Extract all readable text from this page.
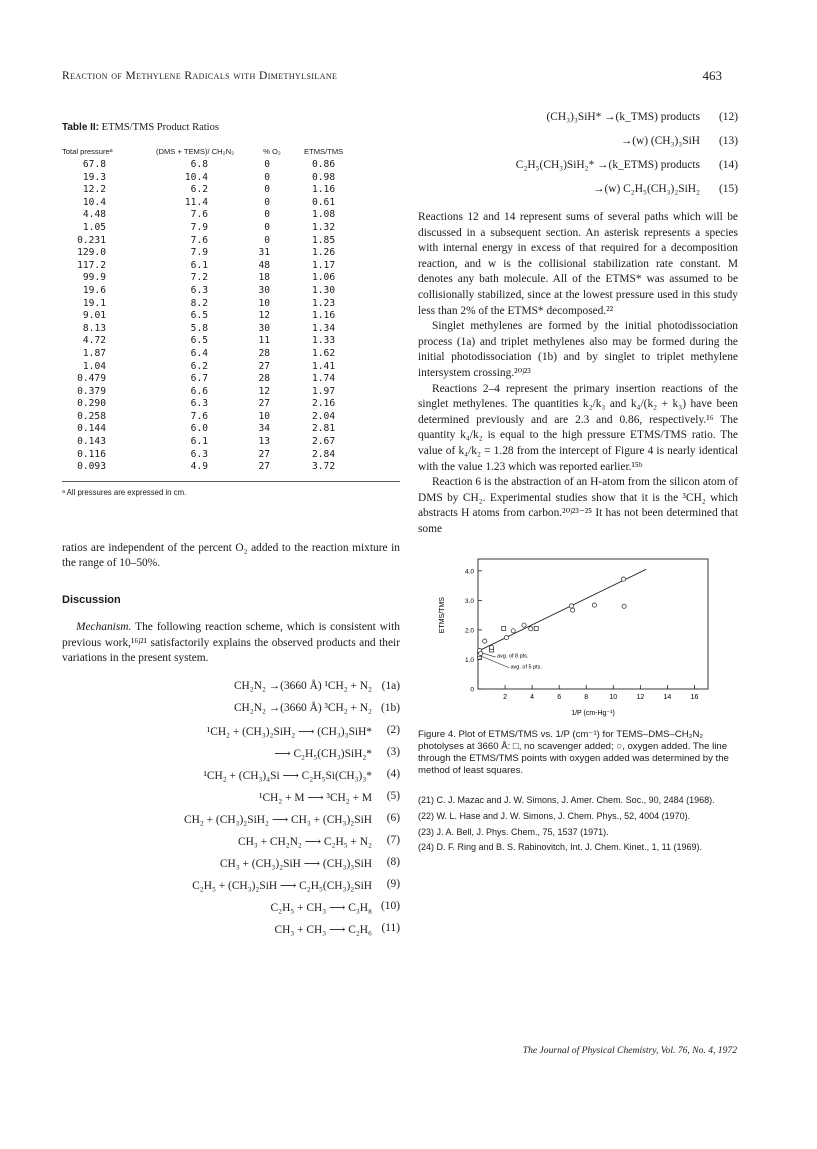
Reaction of Methylene Radicals with Dimethylsilane	463
Table II: ETMS/TMS Product Ratios
Total pressureᵃ	(DMS + TEMS)/ CH₂N₂	% O₂	ETMS/TMS
67.8	6.8	0	0.86
19.3	10.4	0	0.98
12.2	6.2	0	1.16
10.4	11.4	0	0.61
4.48	7.6	0	1.08
1.05	7.9	0	1.32
0.231	7.6	0	1.85
129.0	7.9	31	1.26
117.2	6.1	48	1.17
99.9	7.2	18	1.06
19.6	6.3	30	1.30
19.1	8.2	10	1.23
9.01	6.5	12	1.16
8.13	5.8	30	1.34
4.72	6.5	11	1.33
1.87	6.4	28	1.62
1.04	6.2	27	1.41
0.479	6.7	28	1.74
0.379	6.6	12	1.97
0.290	6.3	27	2.16
0.258	7.6	10	2.04
0.144	6.0	34	2.81
0.143	6.1	13	2.67
0.116	6.3	27	2.84
0.093	4.9	27	3.72
ᵃ All pressures are expressed in cm.

ratios are independent of the percent O₂ added to the reaction mixture in the range of 10–50%.

Discussion

Mechanism. The following reaction scheme, which is consistent with previous work,¹⁶ʲ²¹ satisfactorily explains the observed products and their variations in the present system.

CH₂N₂ →(3660 Å) ¹CH₂ + N₂ (1a)
CH₂N₂ →(3660 Å) ³CH₂ + N₂ (1b)
¹CH₂ + (CH₃)₂SiH₂ ⟶ (CH₃)₃SiH* (2)
⟶ C₂H₅(CH₃)SiH₂* (3)
¹CH₂ + (CH₃)₄Si ⟶ C₂H₅Si(CH₃)₃* (4)
¹CH₂ + M ⟶ ³CH₂ + M (5)
CH₂ + (CH₃)₂SiH₂ ⟶ CH₃ + (CH₃)₂SiH (6)
CH₃ + CH₂N₂ ⟶ C₂H₅ + N₂ (7)
CH₃ + (CH₃)₂SiH ⟶ (CH₃)₃SiH (8)
C₂H₅ + (CH₃)₂SiH ⟶ C₂H₅(CH₃)₂SiH (9)
C₂H₅ + CH₃ ⟶ C₃H₈ (10)
CH₃ + CH₃ ⟶ C₂H₆ (11)
(CH₃)₃SiH* →(k_TMS) products (12)
→(w) (CH₃)₃SiH (13)
C₂H₅(CH₃)SiH₂* →(k_ETMS) products (14)
→(w) C₂H₅(CH₃)₂SiH₂ (15)

Reactions 12 and 14 represent sums of several paths which will be discussed in a subsequent section. An asterisk represents a species with internal energy in excess of that required for a decomposition reaction, and w is the collisional stabilization rate constant. M denotes any bath molecule. All of the ETMS* was assumed to be collisionally stabilized, since at the lowest pressure used in this study less than 2% of the ETMS* decomposed.²²

Singlet methylenes are formed by the initial photodissociation process (1a) and triplet methylenes also may be formed during the initial photodissociation (1b) and by singlet to triplet methylene intersystem crossing.²⁰ʲ²³

Reactions 2–4 represent the primary insertion reactions of the singlet methylenes. The quantities k₂/k₃ and k₄/(k₂ + k₃) have been determined previously and are 2.3 and 0.86, respectively.¹⁶ The quantity k₄/k₂ is equal to the high pressure ETMS/TMS ratio. The value of k₄/k₂ = 1.28 from the intercept of Figure 4 is nearly identical with the value 1.23 which was reported earlier.¹⁵ᵇ

Reaction 6 is the abstraction of an H-atom from the silicon atom of DMS by CH₂. Experimental studies show that it is the ³CH₂ which abstracts H atoms from carbon.²⁰ʲ²³⁻²⁵ It has not been determined that some

2	4	6	8	10	12	14	16
0
1.0
2.0
3.0
4.0
1/P (cm-Hg⁻¹)
ETMS/TMS
avg. of 8 pts.
avg. of 5 pts.
Figure 4. Plot of ETMS/TMS vs. 1/P (cm⁻¹) for TEMS–DMS–CH₂N₂ photolyses at 3660 Å: □, no scavenger added; ○, oxygen added. The line through the ETMS/TMS points with oxygen added was determined by the method of least squares.
(21) C. J. Mazac and J. W. Simons, J. Amer. Chem. Soc., 90, 2484 (1968).
(22) W. L. Hase and J. W. Simons, J. Chem. Phys., 52, 4004 (1970).
(23) J. A. Bell, J. Phys. Chem., 75, 1537 (1971).
(24) D. F. Ring and B. S. Rabinovitch, Int. J. Chem. Kinet., 1, 11 (1969).
The Journal of Physical Chemistry, Vol. 76, No. 4, 1972
